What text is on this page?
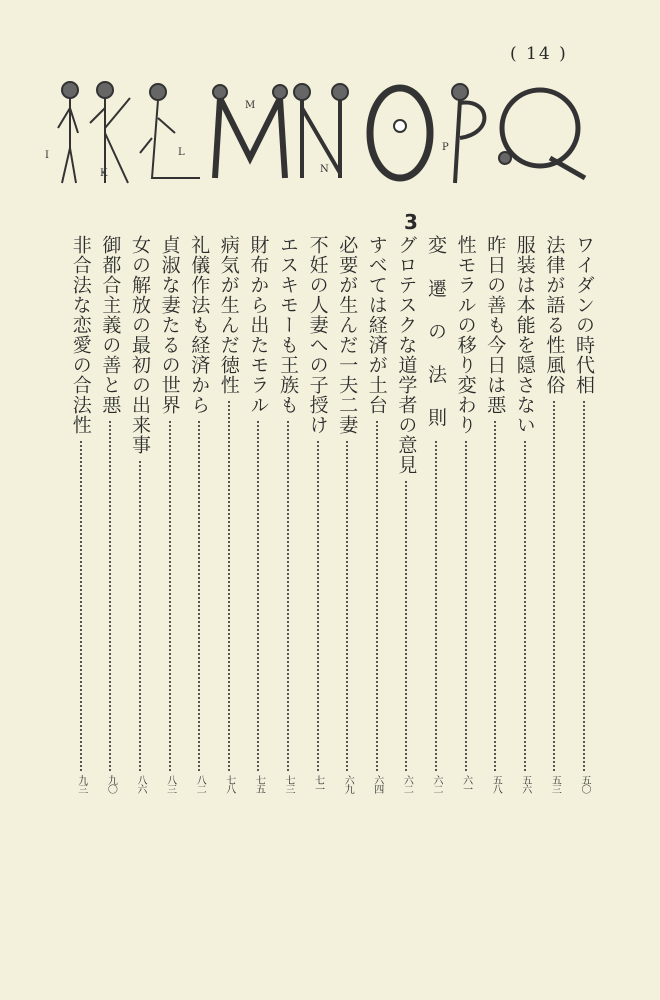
( 14 )
I
K
L
M
N
P
3
ワイダンの時代相
五〇
法律が語る性風俗
五三
服装は本能を隠さない
五六
昨日の善も今日は悪
五八
性モラルの移り変わり
六一
変 遷 の 法 則
六二
グロテスクな道学者の意見
六二
すべては経済が土台
六四
必要が生んだ一夫二妻
六九
不妊の人妻への子授け
七一
エスキモーも王族も
七三
財布から出たモラル
七五
病気が生んだ徳性
七八
礼儀作法も経済から
八二
貞淑な妻たるの世界
八三
女の解放の最初の出来事
八六
御都合主義の善と悪
九〇
非合法な恋愛の合法性
九三
